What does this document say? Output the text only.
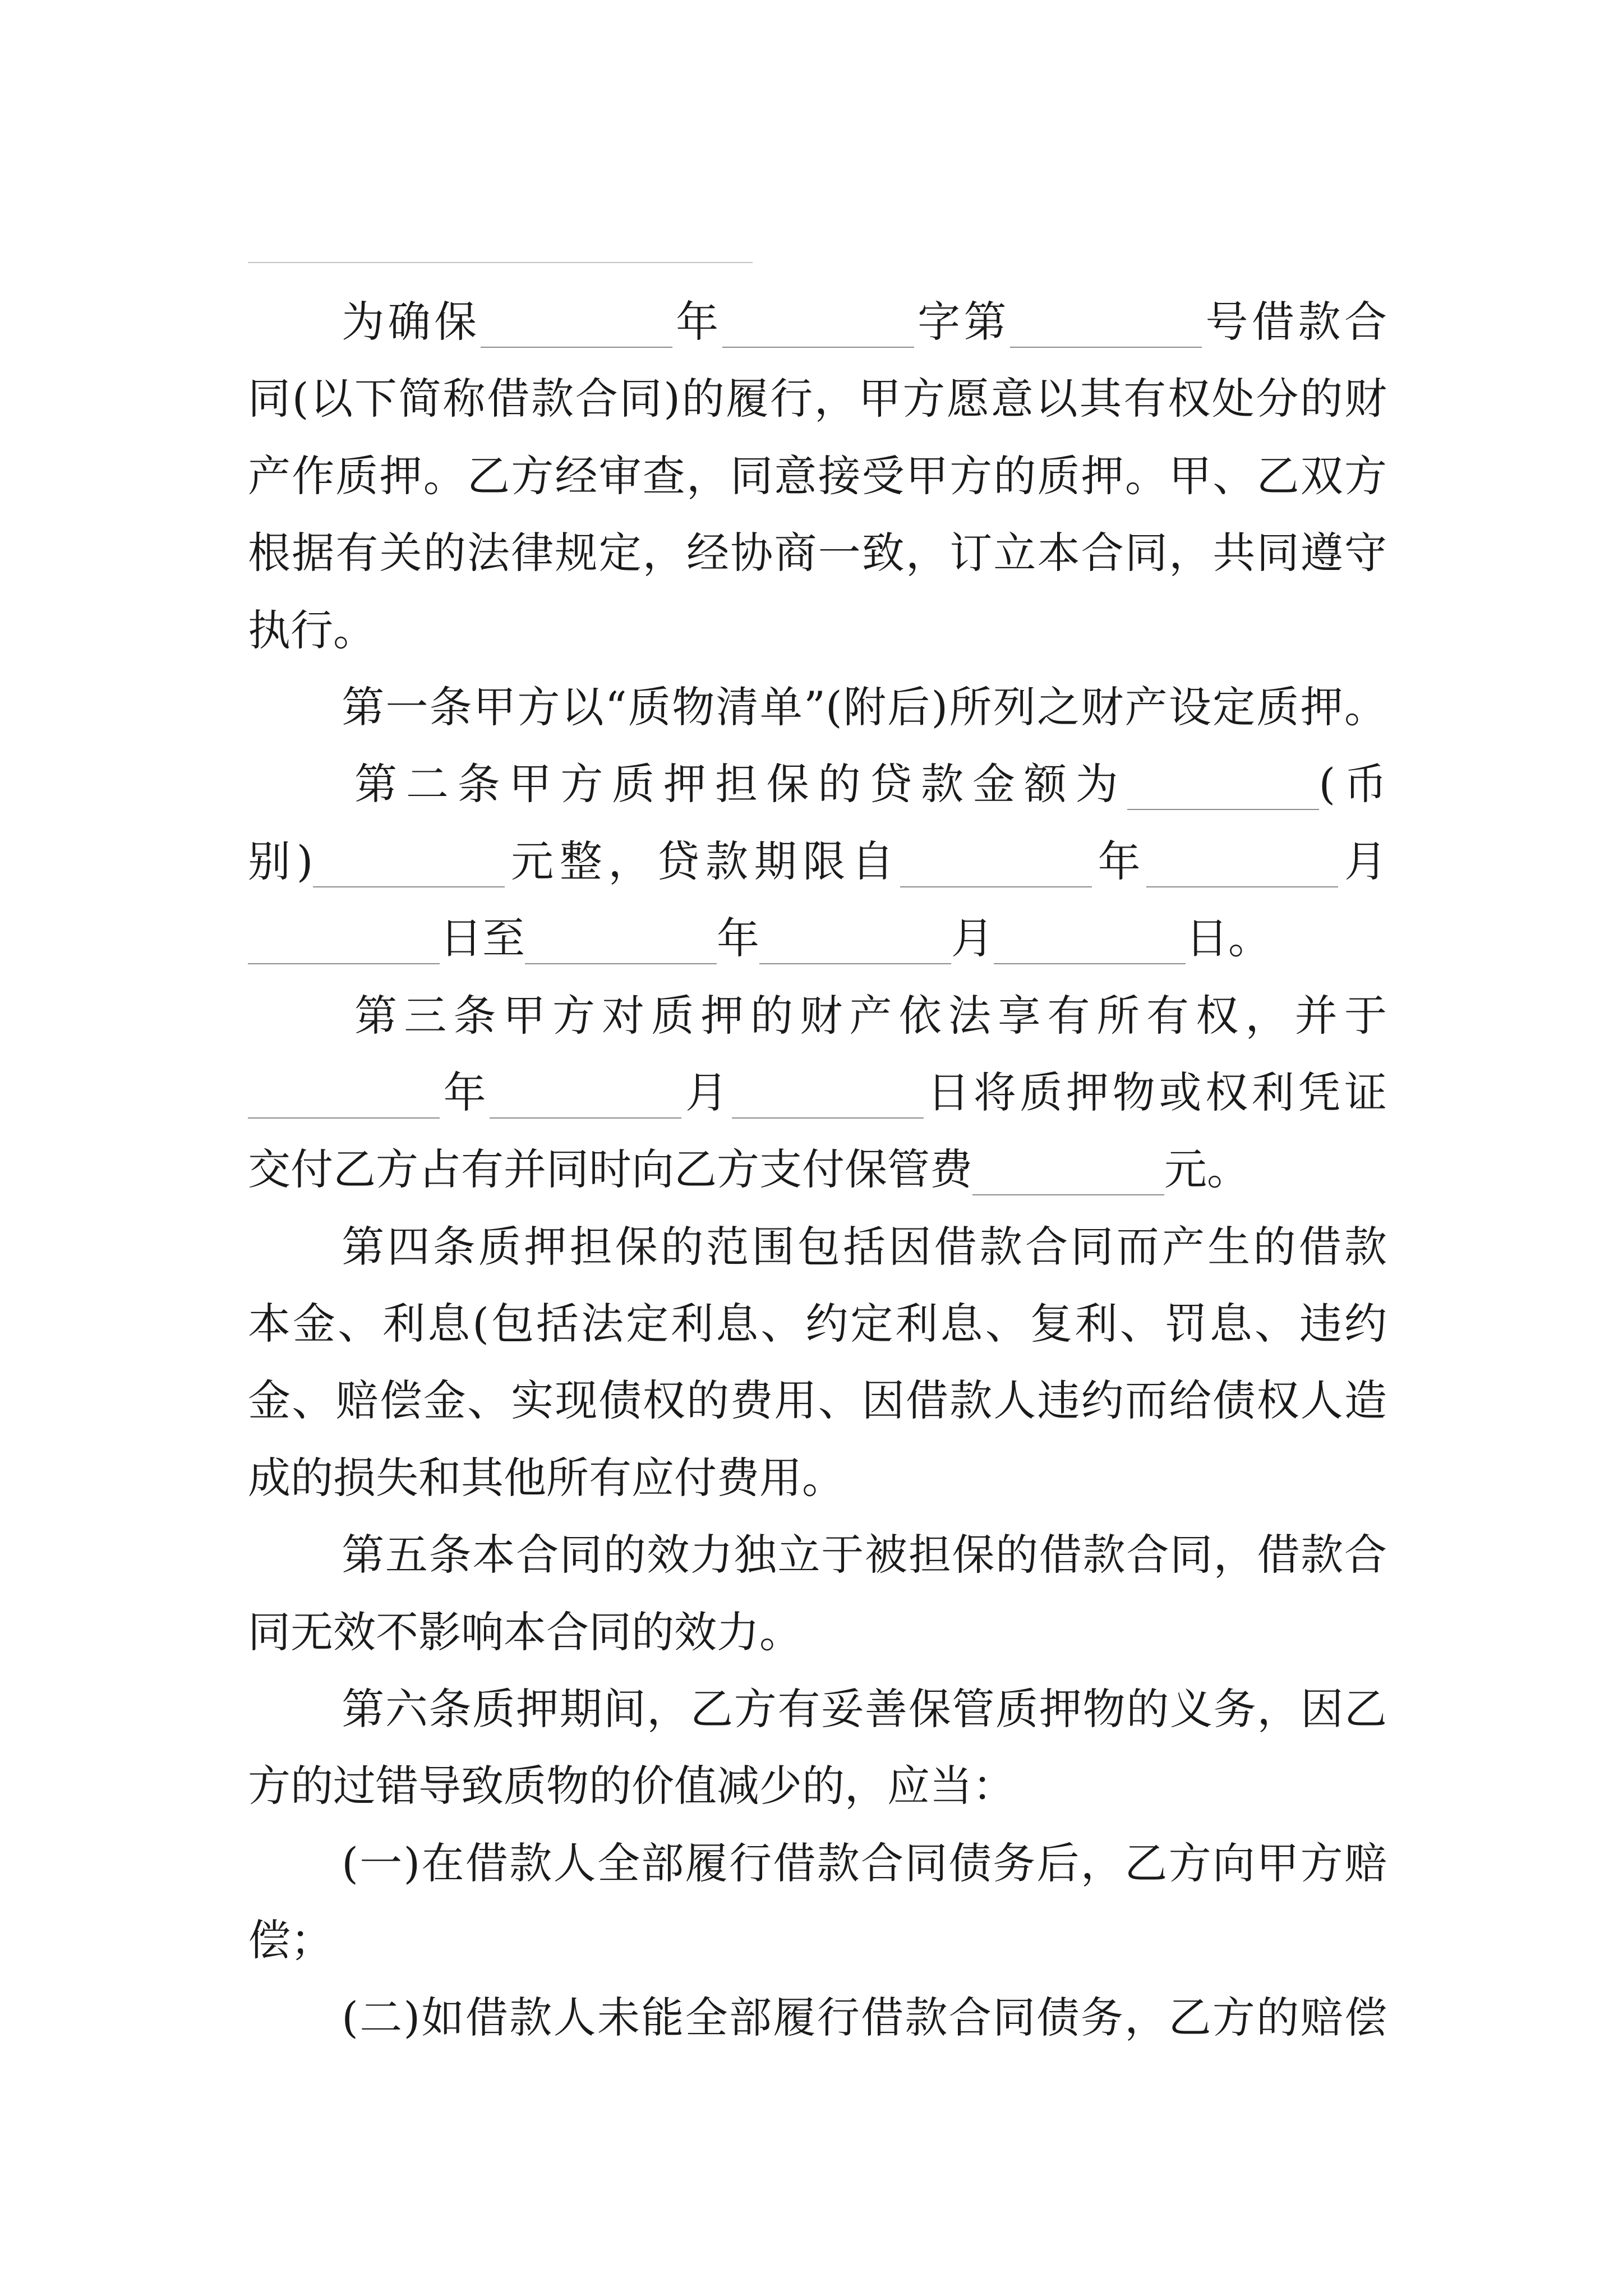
为确保	年	字第	号借款合
同(以下简称借款合同)的履行，甲方愿意以其有权处分的财
产作质押。乙方经审查，同意接受甲方的质押。甲、乙双方
根据有关的法律规定，经协商一致，订立本合同，共同遵守
执行。
第一条甲方以“质物清单”(附后)所列之财产设定质押。
第二条甲方质押担保的贷款金额为	(币
别)	元整，贷款期限自	年	月
日至	年	月	日。
第三条甲方对质押的财产依法享有所有权，并于
年	月	日将质押物或权利凭证
交付乙方占有并同时向乙方支付保管费	元。
第四条质押担保的范围包括因借款合同而产生的借款
本金、利息(包括法定利息、约定利息、复利、罚息、违约
金、赔偿金、实现债权的费用、因借款人违约而给债权人造
成的损失和其他所有应付费用。
第五条本合同的效力独立于被担保的借款合同，借款合
同无效不影响本合同的效力。
第六条质押期间，乙方有妥善保管质押物的义务，因乙
方的过错导致质物的价值减少的，应当：
(一)在借款人全部履行借款合同债务后，乙方向甲方赔
偿；
(二)如借款人未能全部履行借款合同债务，乙方的赔偿
